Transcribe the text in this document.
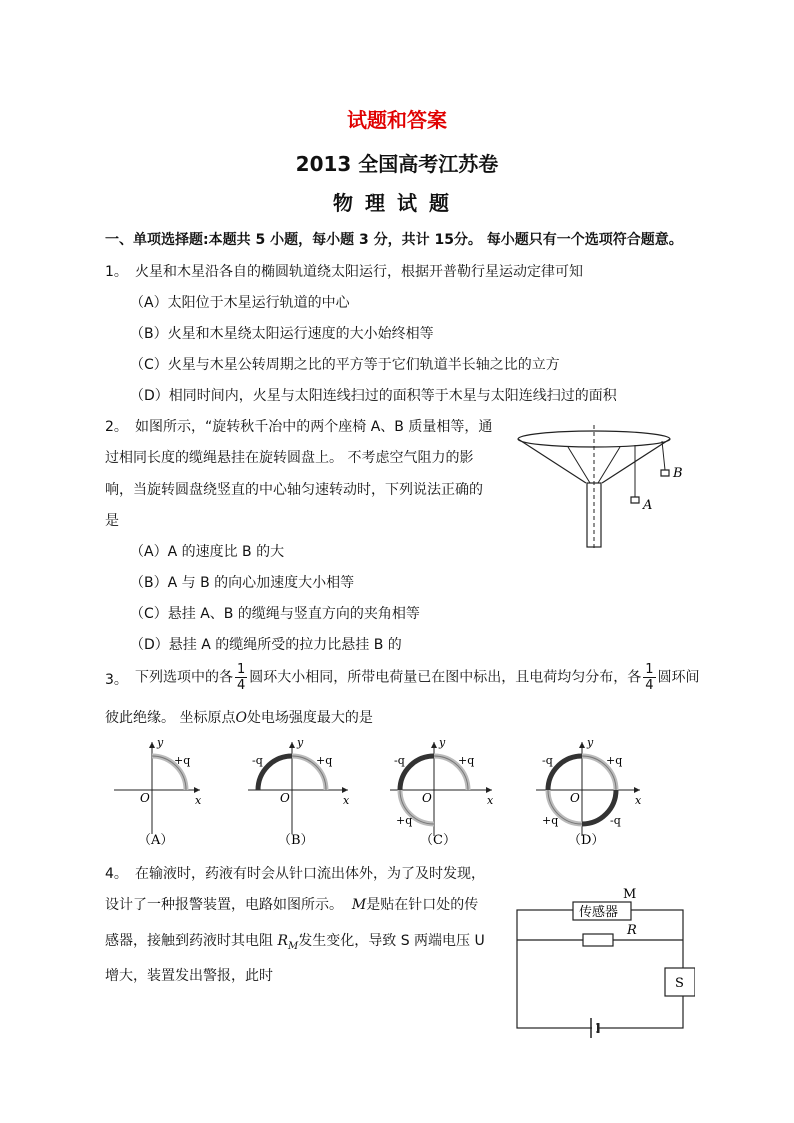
试题和答案
2013 全国高考江苏卷
物理试题
一、单项选择题:本题共 5 小题，每小题 3 分，共计 15分。 每小题只有一个选项符合题意。
1。 火星和木星沿各自的椭圆轨道绕太阳运行，根据开普勒行星运动定律可知
（A）太阳位于木星运行轨道的中心
（B）火星和木星绕太阳运行速度的大小始终相等
（C）火星与木星公转周期之比的平方等于它们轨道半长轴之比的立方
（D）相同时间内，火星与太阳连线扫过的面积等于木星与太阳连线扫过的面积
2。 如图所示，“旋转秋千冶中的两个座椅 A、B 质量相等，通
过相同长度的缆绳悬挂在旋转圆盘上。 不考虑空气阻力的影
响，当旋转圆盘绕竖直的中心轴匀速转动时，下列说法正确的
是
（A）A 的速度比 B 的大
（B）A 与 B 的向心加速度大小相等
（C）悬挂 A、B 的缆绳与竖直方向的夹角相等
（D）悬挂 A 的缆绳所受的拉力比悬挂 B 的
A
B
3。 下列选项中的各 $\frac{1}{4}$ 圆环大小相同，所带电荷量已在图中标出，且电荷均匀分布，各 $\frac{1}{4}$ 圆环间
彼此绝缘。 坐标原点O处电场强度最大的是
y
x
O
+q
（A）
y
x
O
-q	+q
（B）
y
x
O
-q	+q
+q
（C）
y
x
O
-q	+q
+q	-q
（D）
4。 在输液时，药液有时会从针口流出体外，为了及时发现，
设计了一种报警装置，电路如图所示。 M是贴在针口处的传
感器，接触到药液时其电阻 $R_M$发生变化，导致 S 两端电压 U
增大，装置发出警报，此时
传感器
M
R
S
